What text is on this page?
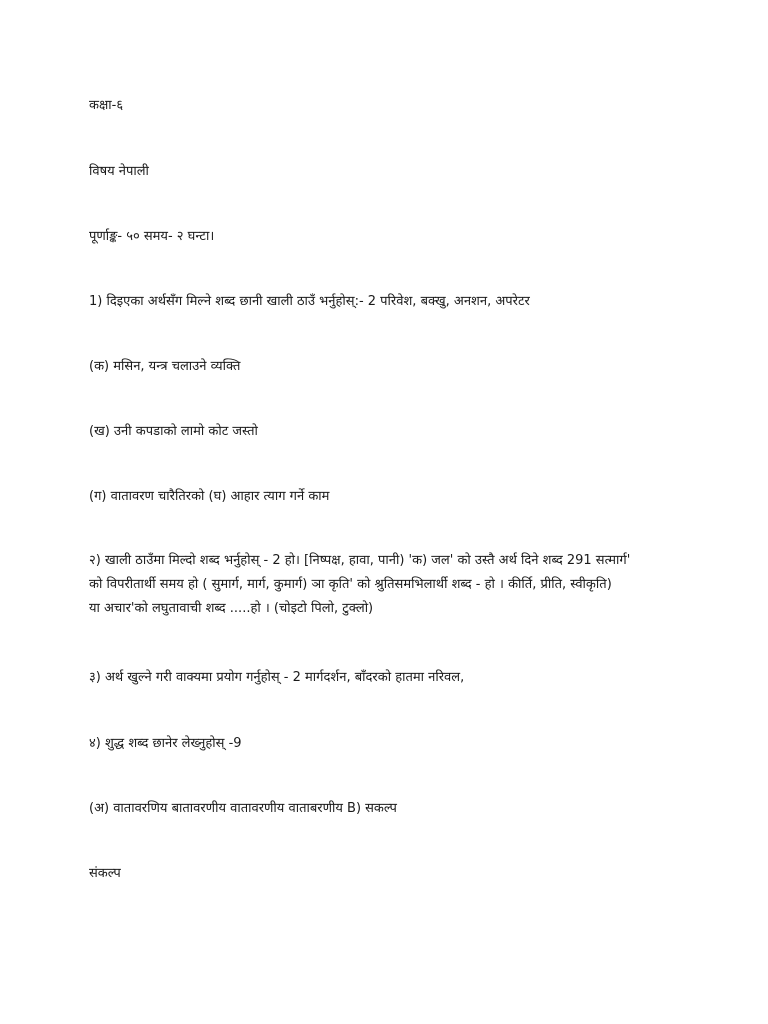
कक्षा-६
विषय नेपाली
पूर्णाङ्क- ५० समय- २ घन्टा।
1) दिइएका अर्थसँग मिल्ने शब्द छानी खाली ठाउँ भर्नुहोस्:- 2 परिवेश, बक्खु, अनशन, अपरेटर
(क) मसिन, यन्त्र चलाउने व्यक्ति
(ख) उनी कपडाको लामो कोट जस्तो
(ग) वातावरण चारैतिरको (घ) आहार त्याग गर्ने काम
२) खाली ठाउँमा मिल्दो शब्द भर्नुहोस् - 2 हो। [निष्पक्ष, हावा, पानी) 'क) जल' को उस्तै अर्थ दिने शब्द 291 सत्मार्ग'
को विपरीतार्थी समय हो ( सुमार्ग, मार्ग, कुमार्ग) ञा कृति' को श्रुतिसमभिलार्थी शब्द - हो । कीर्ति, प्रीति, स्वीकृति)
या अचार'को लघुतावाची शब्द .....हो । (चोइटो पिलो, टुक्लो)
३) अर्थ खुल्ने गरी वाक्यमा प्रयोग गर्नुहोस् - 2 मार्गदर्शन, बाँदरको हातमा नरिवल,
४) शुद्ध शब्द छानेर लेख्नुहोस् -9
(अ) वातावरणिय बातावरणीय वातावरणीय वाताबरणीय B) सकल्प
संकल्प
